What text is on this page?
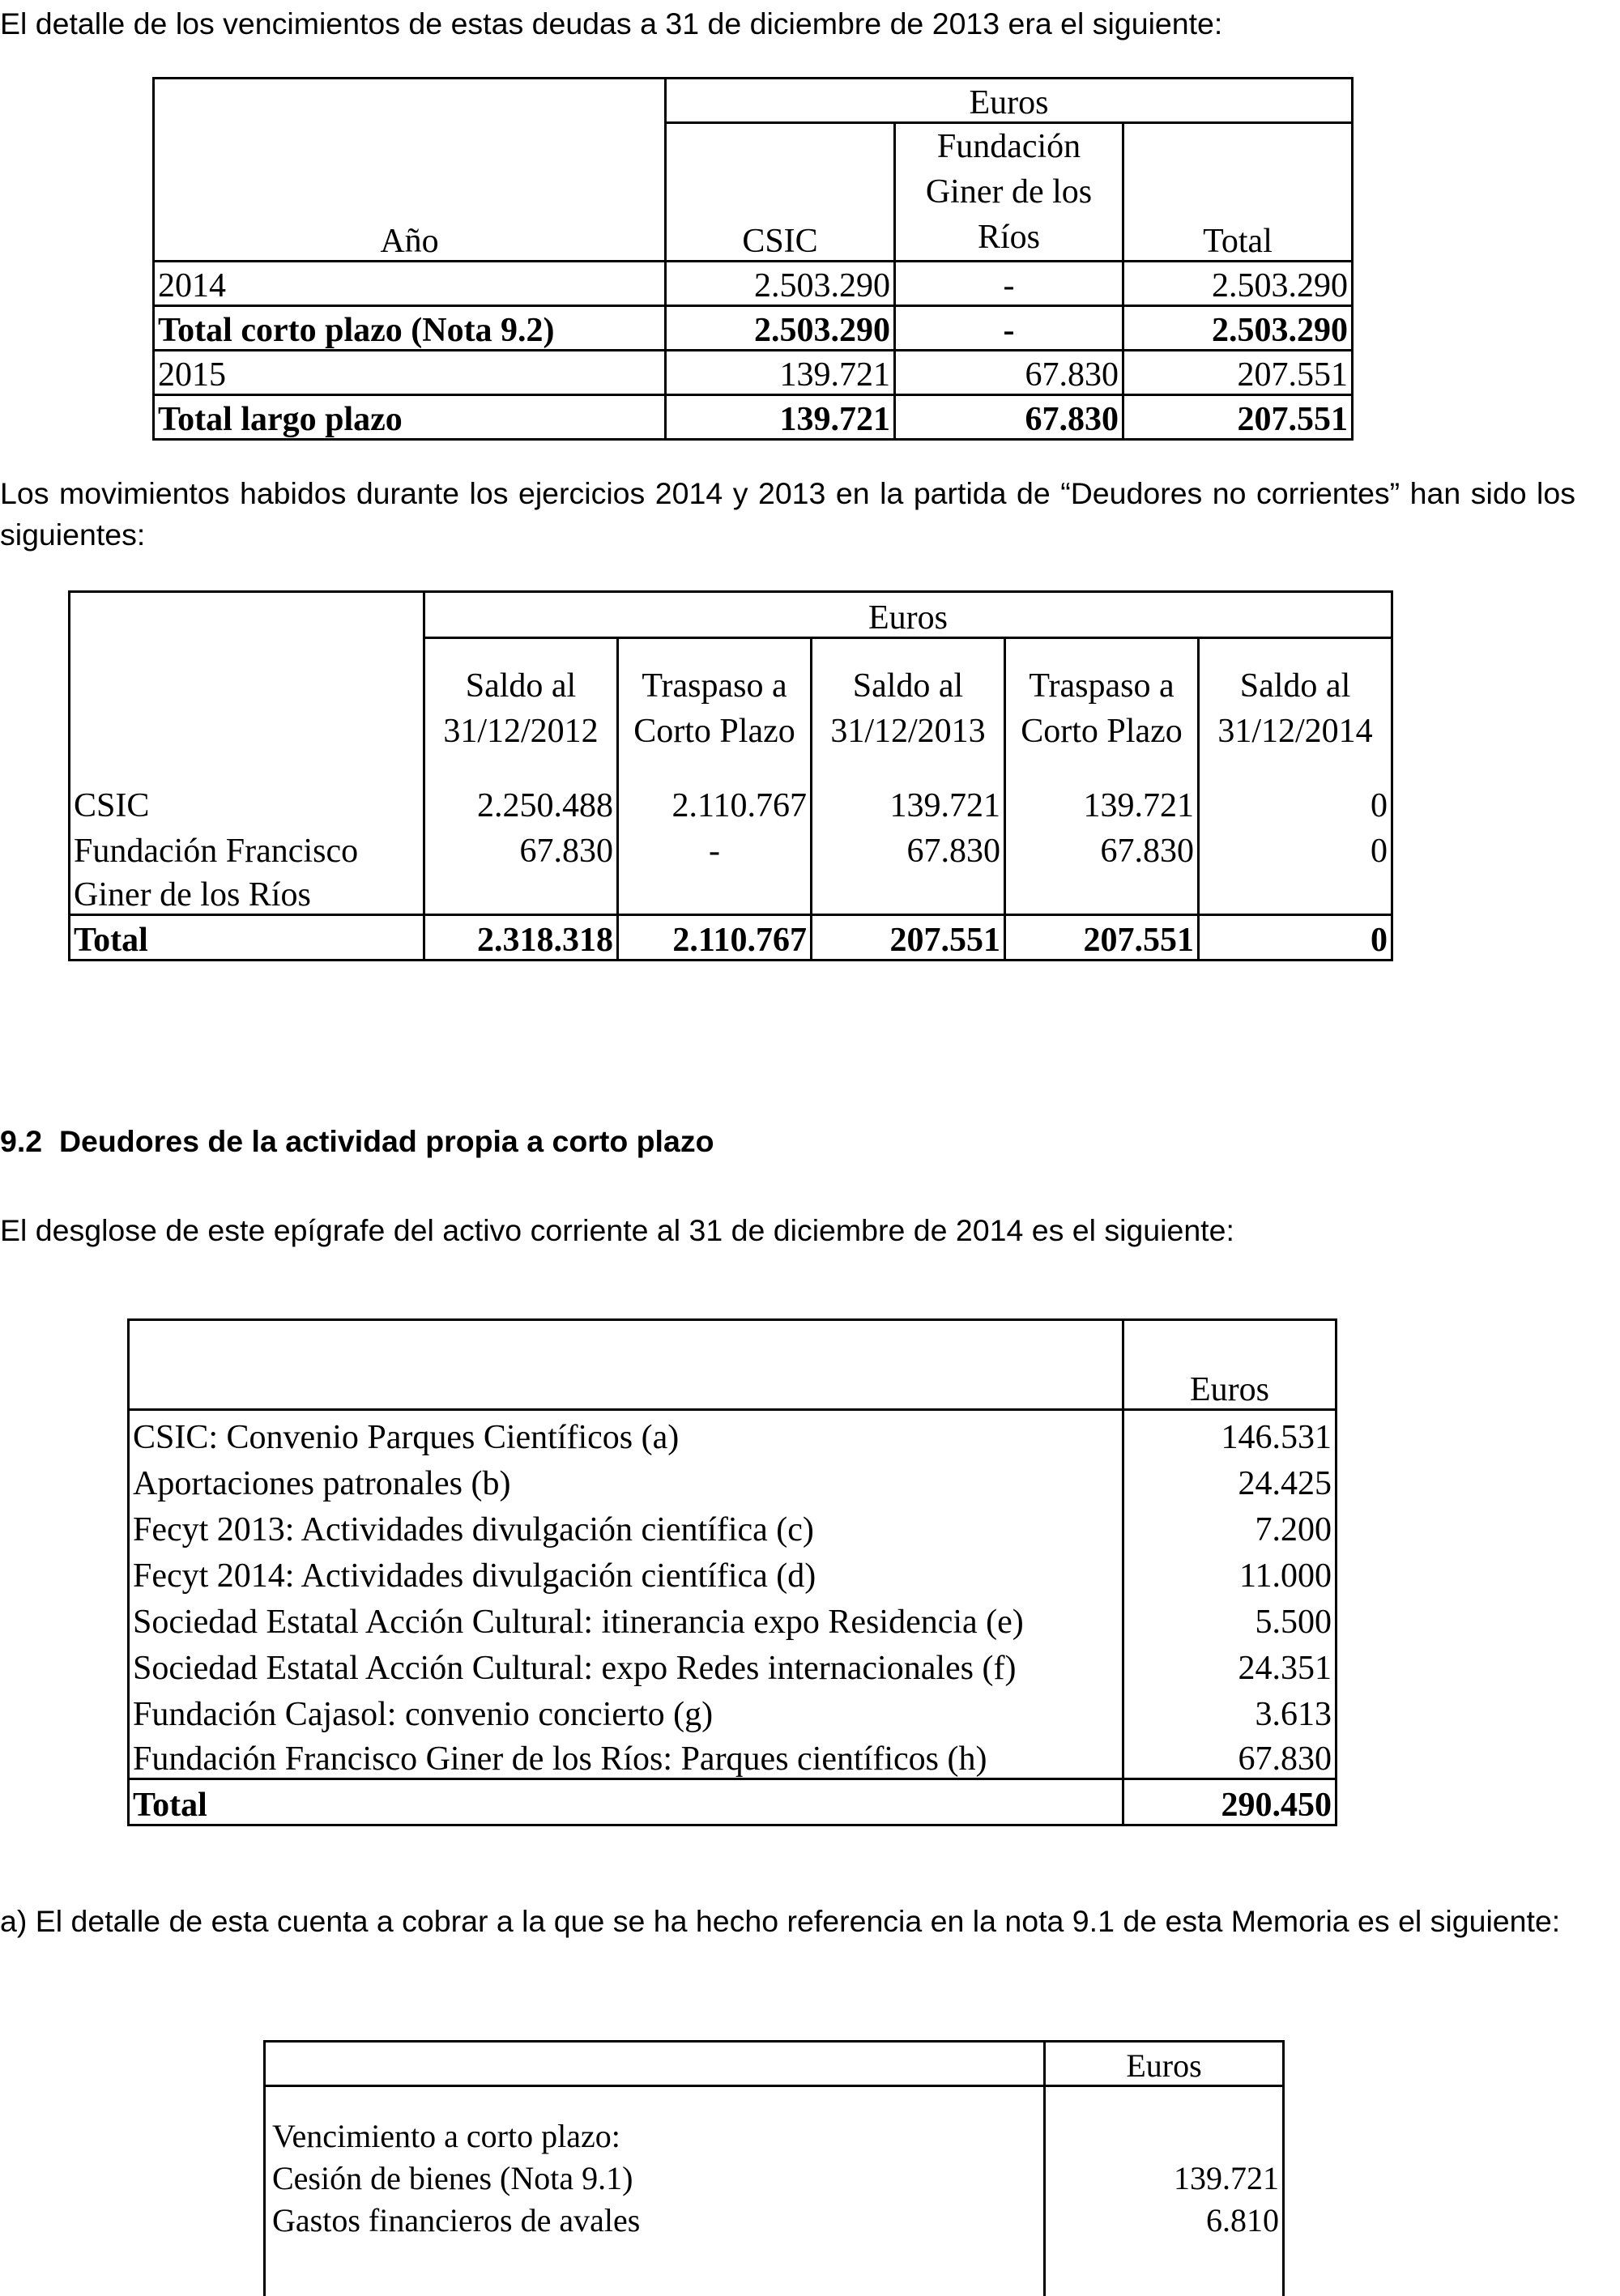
El detalle de los vencimientos de estas deudas a 31 de diciembre de 2013 era el siguiente:

	Euros		
Año	CSIC	Fundación Giner de los Ríos	Total
2014	2.503.290	-	2.503.290
Total corto plazo (Nota 9.2)	2.503.290	-	2.503.290
2015	139.721	67.830	207.551
Total largo plazo	139.721	67.830	207.551

Los movimientos habidos durante los ejercicios 2014 y 2013 en la partida de “Deudores no corrientes” han sido los siguientes:

	Euros				
	Saldo al 31/12/2012	Traspaso a Corto Plazo	Saldo al 31/12/2013	Traspaso a Corto Plazo	Saldo al 31/12/2014
CSIC	2.250.488	2.110.767	139.721	139.721	0
Fundación Francisco	67.830	-	67.830	67.830	0
Giner de los Ríos					
Total	2.318.318	2.110.767	207.551	207.551	0
9.2  Deudores de la actividad propia a corto plazo

El desglose de este epígrafe del activo corriente al 31 de diciembre de 2014 es el siguiente:

	Euros
CSIC: Convenio Parques Científicos (a)	146.531
Aportaciones patronales (b)	24.425
Fecyt 2013: Actividades divulgación científica (c)	7.200
Fecyt 2014: Actividades divulgación científica (d)	11.000
Sociedad Estatal Acción Cultural: itinerancia expo Residencia (e)	5.500
Sociedad Estatal Acción Cultural: expo Redes internacionales (f)	24.351
Fundación Cajasol: convenio concierto (g)	3.613
Fundación Francisco Giner de los Ríos: Parques científicos (h)	67.830
Total	290.450

a) El detalle de esta cuenta a cobrar a la que se ha hecho referencia en la nota 9.1 de esta Memoria es el siguiente:

	Euros
Vencimiento a corto plazo:	
Cesión de bienes (Nota 9.1)	139.721
Gastos financieros de avales	6.810
